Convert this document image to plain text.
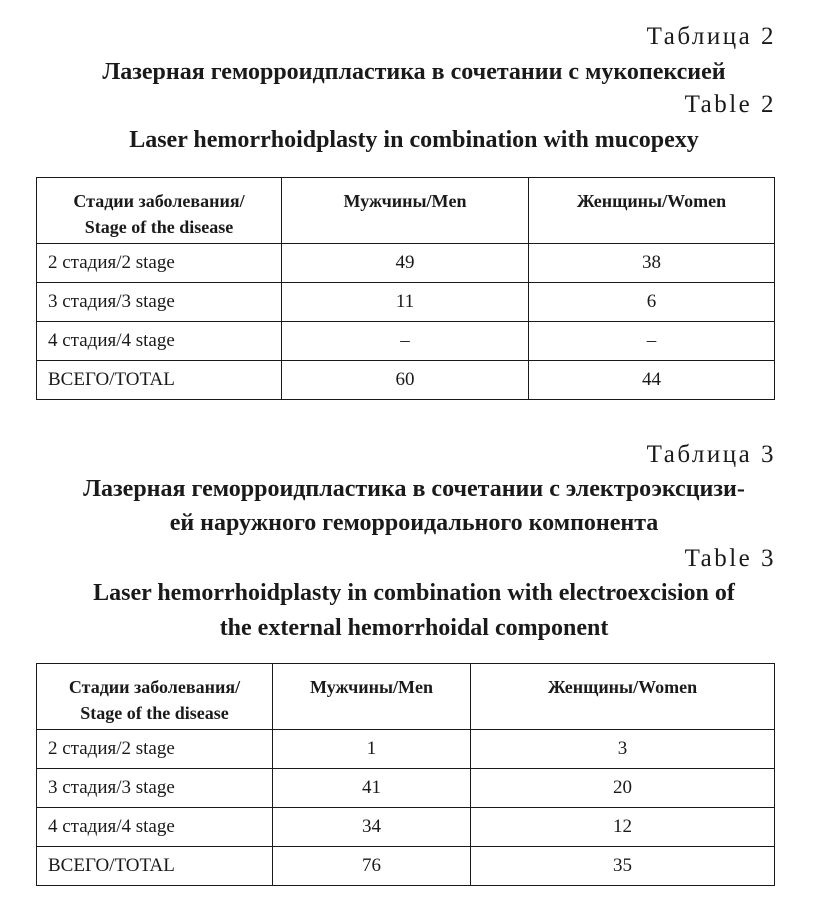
Таблица 2
Лазерная геморроидпластика в сочетании с мукопексией
Table 2
Laser hemorrhoidplasty in combination with mucopexy
Стадии заболевания/
Stage of the disease	Мужчины/Men	Женщины/Women
2 стадия/2 stage	49	38
3 стадия/3 stage	11	6
4 стадия/4 stage	–	–
ВСЕГО/TOTAL	60	44
Таблица 3
Лазерная геморроидпластика в сочетании с электроэксцизи-
ей наружного геморроидального компонента
Table 3
Laser hemorrhoidplasty in combination with electroexcision of
the external hemorrhoidal component
Стадии заболевания/
Stage of the disease	Мужчины/Men	Женщины/Women
2 стадия/2 stage	1	3
3 стадия/3 stage	41	20
4 стадия/4 stage	34	12
ВСЕГО/TOTAL	76	35
